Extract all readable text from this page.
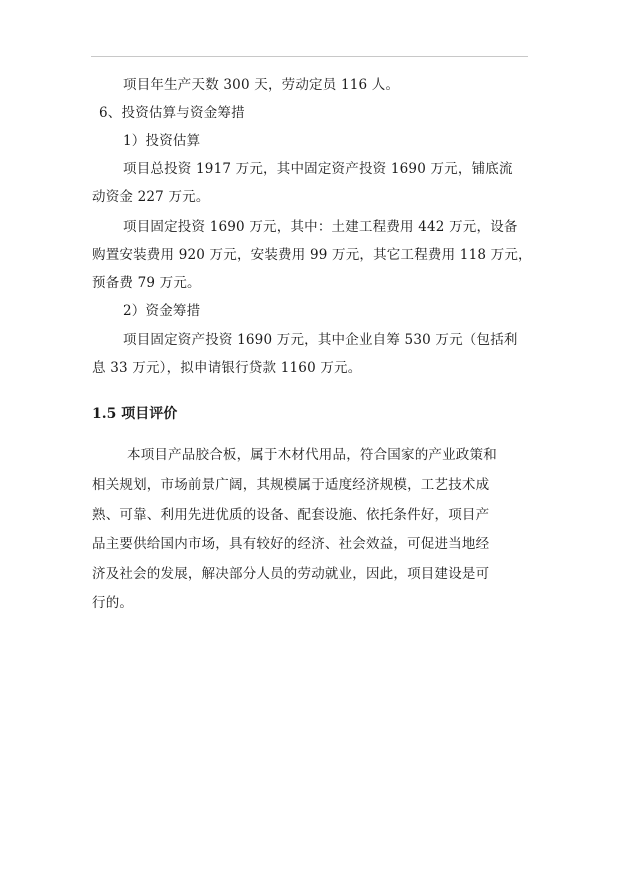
项目年生产天数 300 天，劳动定员 116 人。
6、投资估算与资金筹措
1）投资估算
项目总投资 1917 万元，其中固定资产投资 1690 万元，铺底流
动资金 227 万元。
项目固定投资 1690 万元，其中：土建工程费用 442 万元，设备
购置安装费用 920 万元，安装费用 99 万元，其它工程费用 118 万元，
预备费 79 万元。
2）资金筹措
项目固定资产投资 1690 万元，其中企业自筹 530 万元（包括利
息 33 万元），拟申请银行贷款 1160 万元。
1.5 项目评价
本项目产品胶合板，属于木材代用品，符合国家的产业政策和
相关规划，市场前景广阔，其规模属于适度经济规模，工艺技术成
熟、可靠、利用先进优质的设备、配套设施、依托条件好，项目产
品主要供给国内市场，具有较好的经济、社会效益，可促进当地经
济及社会的发展，解决部分人员的劳动就业，因此，项目建设是可
行的。
